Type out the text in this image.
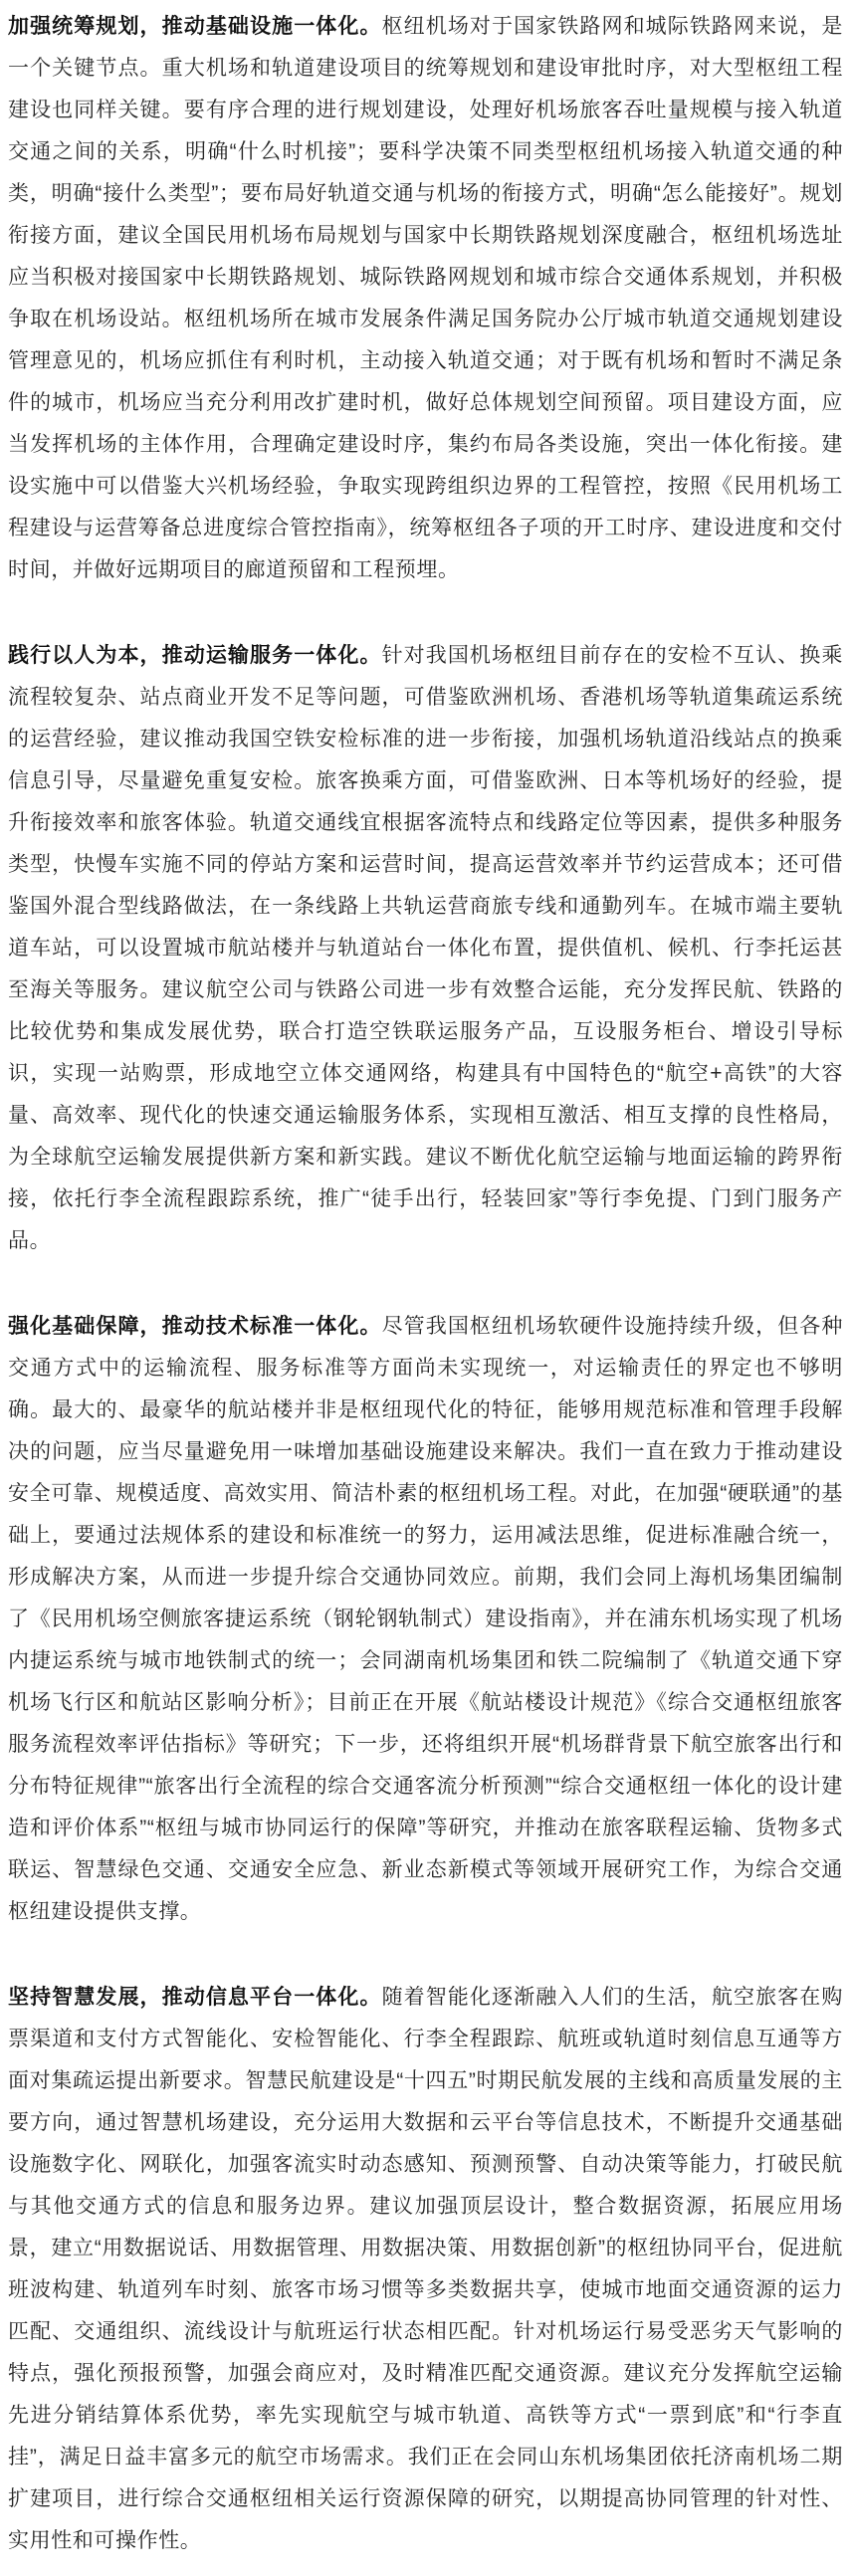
加强统筹规划，推动基础设施一体化。枢纽机场对于国家铁路网和城际铁路网来说，是一个关键节点。重大机场和轨道建设项目的统筹规划和建设审批时序，对大型枢纽工程建设也同样关键。要有序合理的进行规划建设，处理好机场旅客吞吐量规模与接入轨道交通之间的关系，明确“什么时机接”；要科学决策不同类型枢纽机场接入轨道交通的种类，明确“接什么类型”；要布局好轨道交通与机场的衔接方式，明确“怎么能接好”。规划衔接方面，建议全国民用机场布局规划与国家中长期铁路规划深度融合，枢纽机场选址应当积极对接国家中长期铁路规划、城际铁路网规划和城市综合交通体系规划，并积极争取在机场设站。枢纽机场所在城市发展条件满足国务院办公厅城市轨道交通规划建设管理意见的，机场应抓住有利时机，主动接入轨道交通；对于既有机场和暂时不满足条件的城市，机场应当充分利用改扩建时机，做好总体规划空间预留。项目建设方面，应当发挥机场的主体作用，合理确定建设时序，集约布局各类设施，突出一体化衔接。建设实施中可以借鉴大兴机场经验，争取实现跨组织边界的工程管控，按照《民用机场工程建设与运营筹备总进度综合管控指南》，统筹枢纽各子项的开工时序、建设进度和交付时间，并做好远期项目的廊道预留和工程预埋。

践行以人为本，推动运输服务一体化。针对我国机场枢纽目前存在的安检不互认、换乘流程较复杂、站点商业开发不足等问题，可借鉴欧洲机场、香港机场等轨道集疏运系统的运营经验，建议推动我国空铁安检标准的进一步衔接，加强机场轨道沿线站点的换乘信息引导，尽量避免重复安检。旅客换乘方面，可借鉴欧洲、日本等机场好的经验，提升衔接效率和旅客体验。轨道交通线宜根据客流特点和线路定位等因素，提供多种服务类型，快慢车实施不同的停站方案和运营时间，提高运营效率并节约运营成本；还可借鉴国外混合型线路做法，在一条线路上共轨运营商旅专线和通勤列车。在城市端主要轨道车站，可以设置城市航站楼并与轨道站台一体化布置，提供值机、候机、行李托运甚至海关等服务。建议航空公司与铁路公司进一步有效整合运能，充分发挥民航、铁路的比较优势和集成发展优势，联合打造空铁联运服务产品，互设服务柜台、增设引导标识，实现一站购票，形成地空立体交通网络，构建具有中国特色的“航空+高铁”的大容量、高效率、现代化的快速交通运输服务体系，实现相互激活、相互支撑的良性格局，为全球航空运输发展提供新方案和新实践。建议不断优化航空运输与地面运输的跨界衔接，依托行李全流程跟踪系统，推广“徒手出行，轻装回家”等行李免提、门到门服务产品。

强化基础保障，推动技术标准一体化。尽管我国枢纽机场软硬件设施持续升级，但各种交通方式中的运输流程、服务标准等方面尚未实现统一，对运输责任的界定也不够明确。最大的、最豪华的航站楼并非是枢纽现代化的特征，能够用规范标准和管理手段解决的问题，应当尽量避免用一味增加基础设施建设来解决。我们一直在致力于推动建设安全可靠、规模适度、高效实用、简洁朴素的枢纽机场工程。对此，在加强“硬联通”的基础上，要通过法规体系的建设和标准统一的努力，运用减法思维，促进标准融合统一，形成解决方案，从而进一步提升综合交通协同效应。前期，我们会同上海机场集团编制了《民用机场空侧旅客捷运系统（钢轮钢轨制式）建设指南》，并在浦东机场实现了机场内捷运系统与城市地铁制式的统一；会同湖南机场集团和铁二院编制了《轨道交通下穿机场飞行区和航站区影响分析》；目前正在开展《航站楼设计规范》《综合交通枢纽旅客服务流程效率评估指标》等研究；下一步，还将组织开展“机场群背景下航空旅客出行和分布特征规律”“旅客出行全流程的综合交通客流分析预测”“综合交通枢纽一体化的设计建造和评价体系”“枢纽与城市协同运行的保障”等研究，并推动在旅客联程运输、货物多式联运、智慧绿色交通、交通安全应急、新业态新模式等领域开展研究工作，为综合交通枢纽建设提供支撑。

坚持智慧发展，推动信息平台一体化。随着智能化逐渐融入人们的生活，航空旅客在购票渠道和支付方式智能化、安检智能化、行李全程跟踪、航班或轨道时刻信息互通等方面对集疏运提出新要求。智慧民航建设是“十四五”时期民航发展的主线和高质量发展的主要方向，通过智慧机场建设，充分运用大数据和云平台等信息技术，不断提升交通基础设施数字化、网联化，加强客流实时动态感知、预测预警、自动决策等能力，打破民航与其他交通方式的信息和服务边界。建议加强顶层设计，整合数据资源，拓展应用场景，建立“用数据说话、用数据管理、用数据决策、用数据创新”的枢纽协同平台，促进航班波构建、轨道列车时刻、旅客市场习惯等多类数据共享，使城市地面交通资源的运力匹配、交通组织、流线设计与航班运行状态相匹配。针对机场运行易受恶劣天气影响的特点，强化预报预警，加强会商应对，及时精准匹配交通资源。建议充分发挥航空运输先进分销结算体系优势，率先实现航空与城市轨道、高铁等方式“一票到底”和“行李直挂”，满足日益丰富多元的航空市场需求。我们正在会同山东机场集团依托济南机场二期扩建项目，进行综合交通枢纽相关运行资源保障的研究，以期提高协同管理的针对性、实用性和可操作性。
